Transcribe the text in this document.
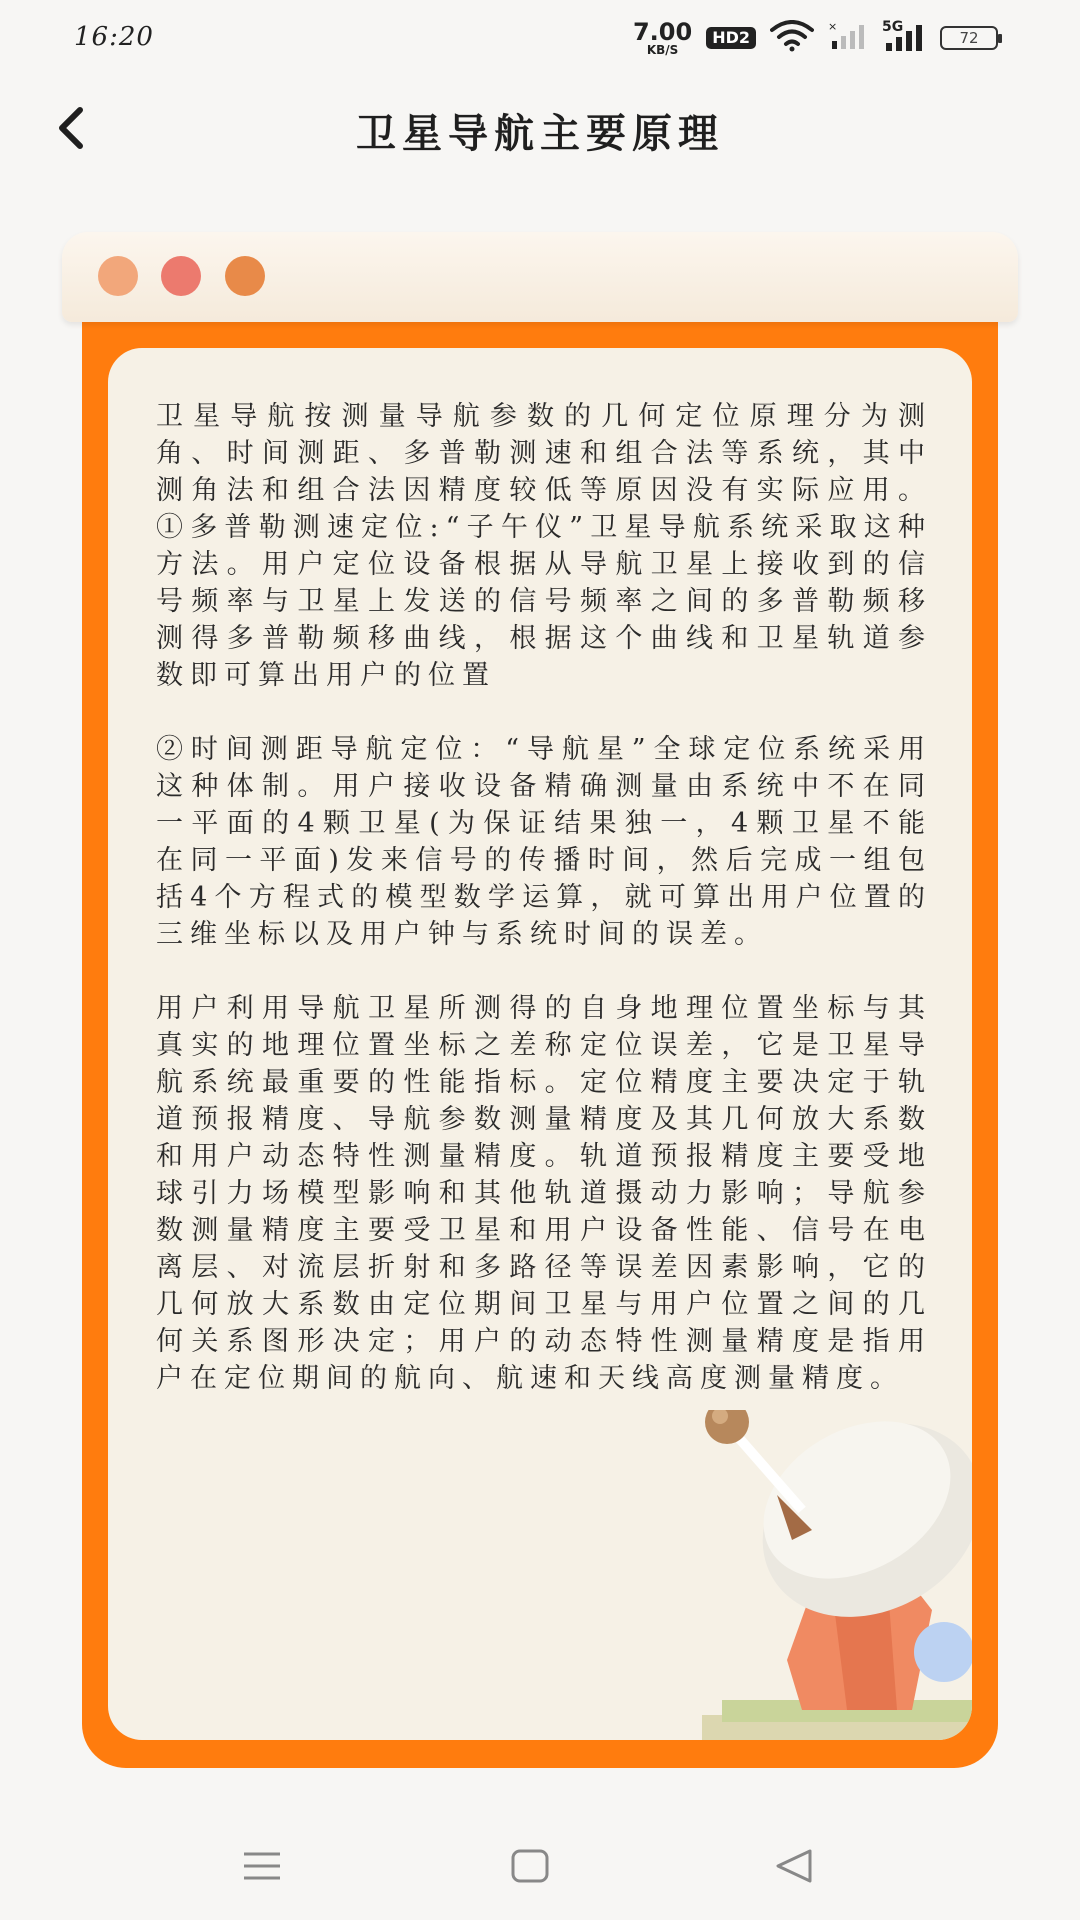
16:20	7.00
KB/S
HD2
×	5G
72
卫星导航主要原理

卫星导航按测量导航参数的几何定位原理分为测角、时间测距、多普勒测速和组合法等系统，其中测角法和组合法因精度较低等原因没有实际应用。①多普勒测速定位:“子午仪”卫星导航系统采取这种方法。用户定位设备根据从导航卫星上接收到的信号频率与卫星上发送的信号频率之间的多普勒频移测得多普勒频移曲线，根据这个曲线和卫星轨道参数即可算出用户的位置

②时间测距导航定位：“导航星”全球定位系统采用这种体制。用户接收设备精确测量由系统中不在同一平面的4颗卫星(为保证结果独一，4颗卫星不能在同一平面)发来信号的传播时间，然后完成一组包括4个方程式的模型数学运算，就可算出用户位置的三维坐标以及用户钟与系统时间的误差。

用户利用导航卫星所测得的自身地理位置坐标与其真实的地理位置坐标之差称定位误差，它是卫星导航系统最重要的性能指标。定位精度主要决定于轨道预报精度、导航参数测量精度及其几何放大系数和用户动态特性测量精度。轨道预报精度主要受地球引力场模型影响和其他轨道摄动力影响；导航参数测量精度主要受卫星和用户设备性能、信号在电离层、对流层折射和多路径等误差因素影响，它的几何放大系数由定位期间卫星与用户位置之间的几何关系图形决定；用户的动态特性测量精度是指用户在定位期间的航向、航速和天线高度测量精度。
